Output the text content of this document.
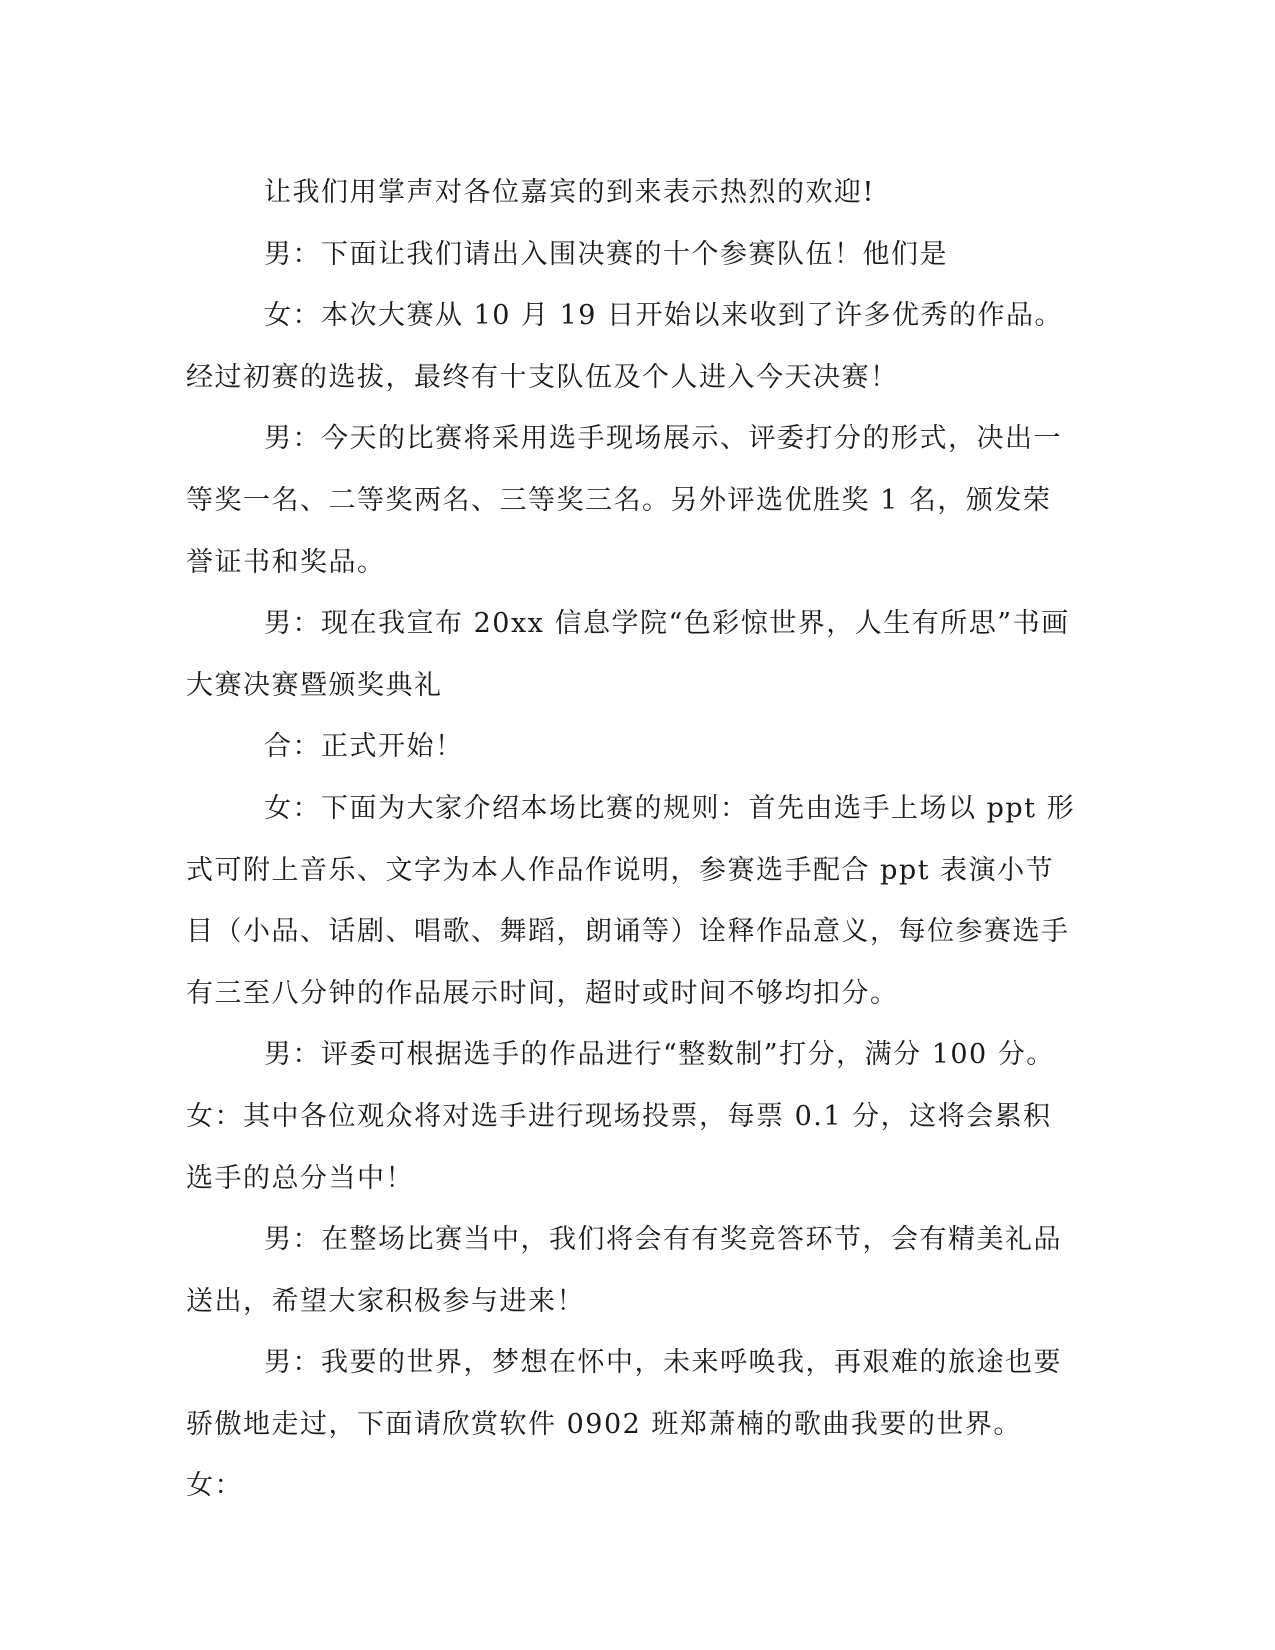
让我们用掌声对各位嘉宾的到来表示热烈的欢迎!

男：下面让我们请出入围决赛的十个参赛队伍！他们是

女：本次大赛从 10 月 19 日开始以来收到了许多优秀的作品。经过初赛的选拔，最终有十支队伍及个人进入今天决赛！

男：今天的比赛将采用选手现场展示、评委打分的形式，决出一等奖一名、二等奖两名、三等奖三名。另外评选优胜奖 1 名，颁发荣誉证书和奖品。

男：现在我宣布 20xx 信息学院“色彩惊世界，人生有所思”书画大赛决赛暨颁奖典礼

合：正式开始！

女：下面为大家介绍本场比赛的规则：首先由选手上场以 ppt 形式可附上音乐、文字为本人作品作说明，参赛选手配合 ppt 表演小节目（小品、话剧、唱歌、舞蹈，朗诵等）诠释作品意义，每位参赛选手有三至八分钟的作品展示时间，超时或时间不够均扣分。

男：评委可根据选手的作品进行“整数制”打分，满分 100 分。女：其中各位观众将对选手进行现场投票，每票 0.1 分，这将会累积选手的总分当中！

男：在整场比赛当中，我们将会有有奖竞答环节，会有精美礼品送出，希望大家积极参与进来！

男：我要的世界，梦想在怀中，未来呼唤我，再艰难的旅途也要骄傲地走过，下面请欣赏软件 0902 班郑萧楠的歌曲我要的世界。女：
